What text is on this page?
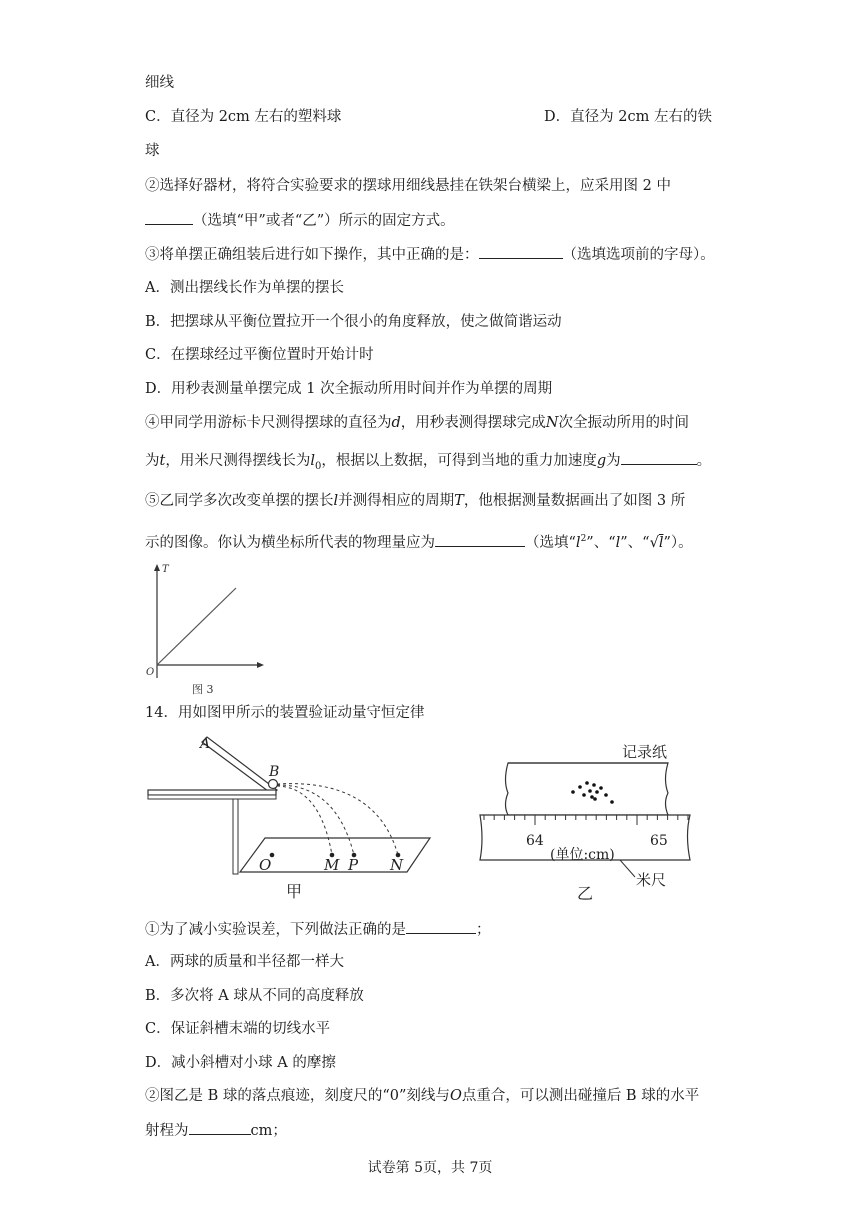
细线
C．直径为 2cm 左右的塑料球	D．直径为 2cm 左右的铁
球
②选择好器材，将符合实验要求的摆球用细线悬挂在铁架台横梁上，应采用图 2 中
（选填“甲”或者“乙”）所示的固定方式。
③将单摆正确组装后进行如下操作，其中正确的是：	（选填选项前的字母）。
A．测出摆线长作为单摆的摆长
B．把摆球从平衡位置拉开一个很小的角度释放，使之做简谐运动
C．在摆球经过平衡位置时开始计时
D．用秒表测量单摆完成 1 次全振动所用时间并作为单摆的周期
④甲同学用游标卡尺测得摆球的直径为d，用秒表测得摆球完成N次全振动所用的时间
为t，用米尺测得摆线长为$l_0$，根据以上数据，可得到当地的重力加速度g为	。
⑤乙同学多次改变单摆的摆长l并测得相应的周期T，他根据测量数据画出了如图 3 所
示的图像。你认为横坐标所代表的物理量应为	（选填“$l^2$”、“l”、“√l”）。
T
O
图 3
14．用如图甲所示的装置验证动量守恒定律
A
B
O	M P N
甲
记录纸
64	65
(单位:cm)
米尺
乙
①为了减小实验误差，下列做法正确的是	；
A．两球的质量和半径都一样大
B．多次将 A 球从不同的高度释放
C．保证斜槽末端的切线水平
D．减小斜槽对小球 A 的摩擦
②图乙是 B 球的落点痕迹，刻度尺的“0”刻线与O点重合，可以测出碰撞后 B 球的水平
射程为	cm；
试卷第 5页，共 7页
